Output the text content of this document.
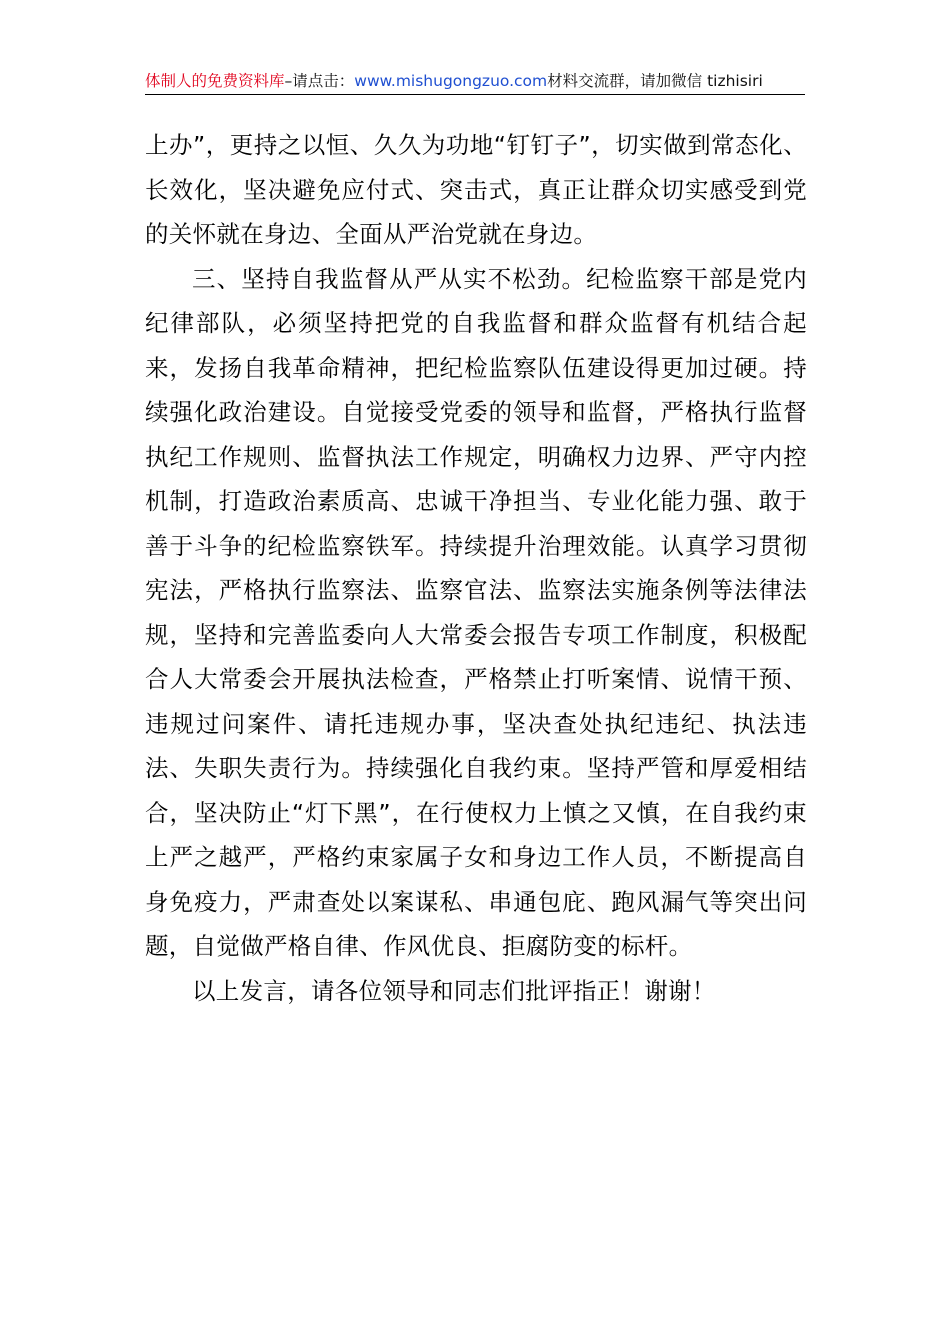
体制人的免费资料库–请点击：www.mishugongzuo.com材料交流群，请加微信 tizhisiri

上办”，更持之以恒、久久为功地“钉钉子”，切实做到常态化、长效化，坚决避免应付式、突击式，真正让群众切实感受到党的关怀就在身边、全面从严治党就在身边。

三、坚持自我监督从严从实不松劲。纪检监察干部是党内纪律部队，必须坚持把党的自我监督和群众监督有机结合起来，发扬自我革命精神，把纪检监察队伍建设得更加过硬。持续强化政治建设。自觉接受党委的领导和监督，严格执行监督执纪工作规则、监督执法工作规定，明确权力边界、严守内控机制，打造政治素质高、忠诚干净担当、专业化能力强、敢于善于斗争的纪检监察铁军。持续提升治理效能。认真学习贯彻宪法，严格执行监察法、监察官法、监察法实施条例等法律法规，坚持和完善监委向人大常委会报告专项工作制度，积极配合人大常委会开展执法检查，严格禁止打听案情、说情干预、违规过问案件、请托违规办事，坚决查处执纪违纪、执法违法、失职失责行为。持续强化自我约束。坚持严管和厚爱相结合，坚决防止“灯下黑”，在行使权力上慎之又慎，在自我约束上严之越严，严格约束家属子女和身边工作人员，不断提高自身免疫力，严肃查处以案谋私、串通包庇、跑风漏气等突出问题，自觉做严格自律、作风优良、拒腐防变的标杆。

以上发言，请各位领导和同志们批评指正！谢谢！
